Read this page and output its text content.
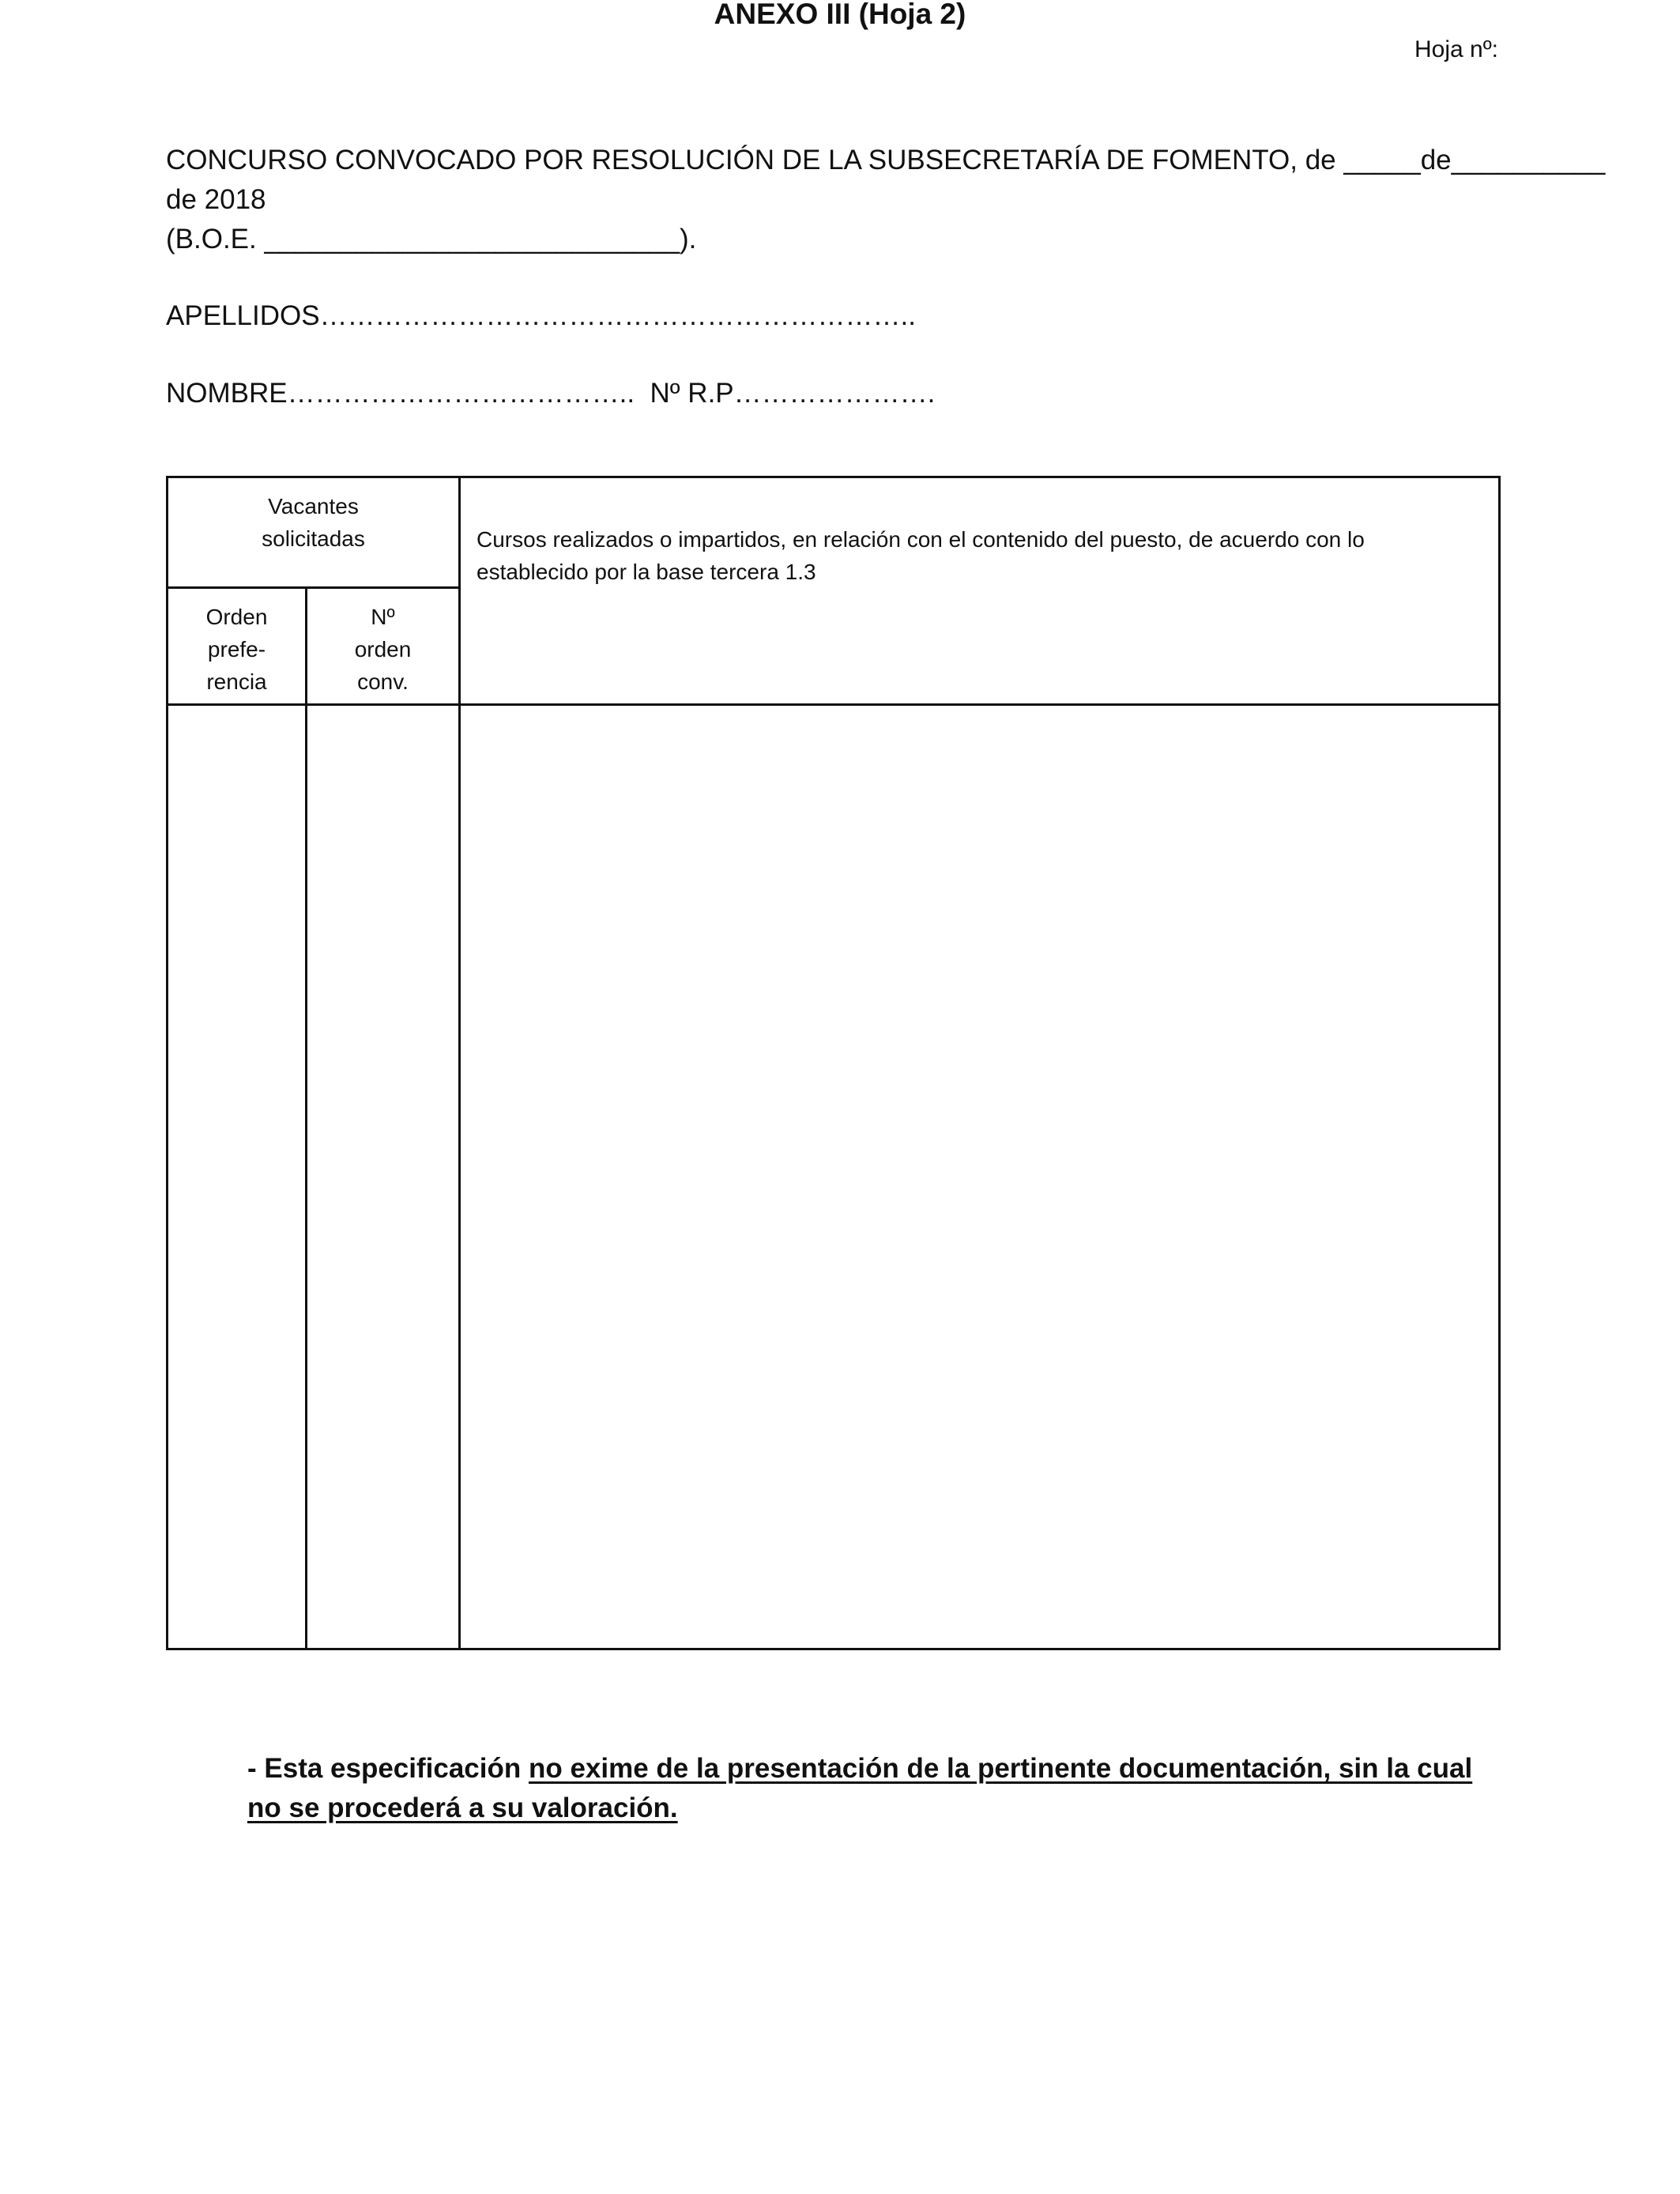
ANEXO III (Hoja 2)
Hoja nº:
CONCURSO CONVOCADO POR RESOLUCIÓN DE LA SUBSECRETARÍA DE FOMENTO, de _____de__________
de 2018
(B.O.E. ___________________________).
APELLIDOS………………………………………………………..
NOMBRE………………………………..  Nº R.P………………….
Vacantes
solicitadas
Orden
prefe-
rencia
Nº
orden
conv.
Cursos realizados o impartidos, en relación con el contenido del puesto, de acuerdo con lo
establecido por la base tercera 1.3
- Esta especificación no exime de la presentación de la pertinente documentación, sin la cual no se procederá a su valoración.
